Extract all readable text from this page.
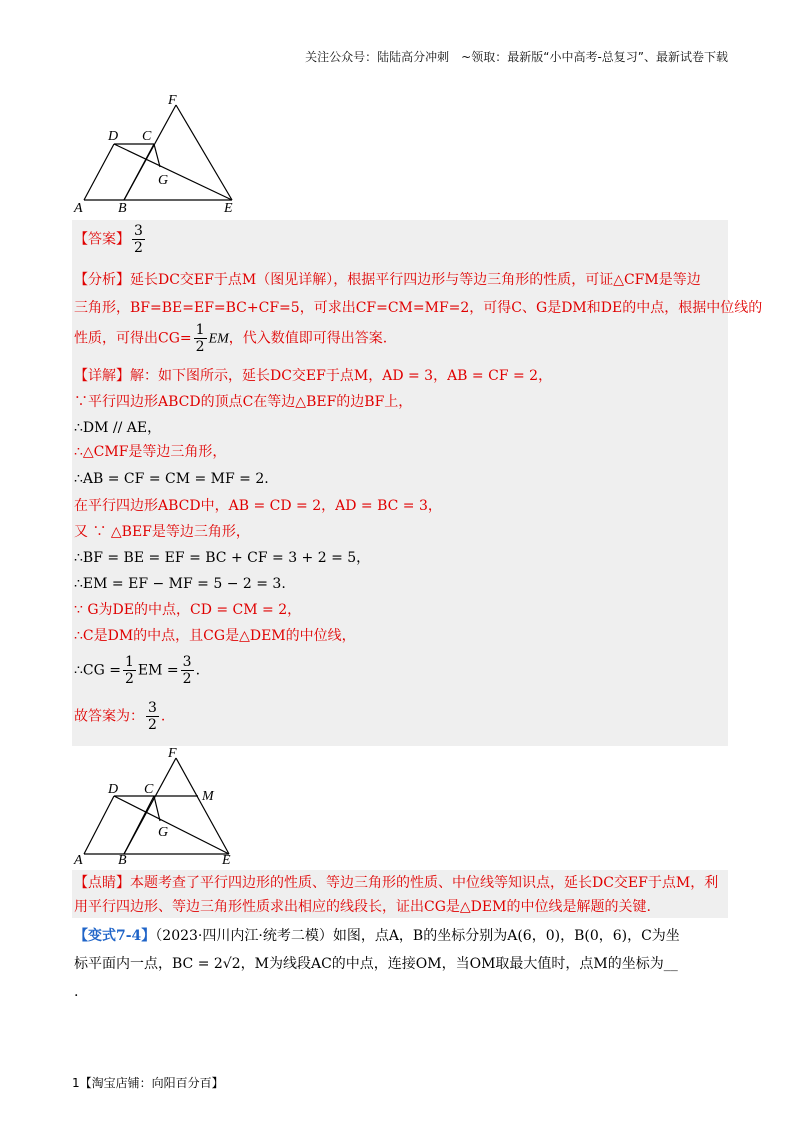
关注公众号：陆陆高分冲刺　~领取：最新版“小中高考-总复习”、最新试卷下载
F
D C
G
A	B	E
【答案】 $\frac{3}{2}$
【分析】延长DC交EF于点M（图见详解），根据平行四边形与等边三角形的性质，可证△CFM是等边
三角形，BF=BE=EF=BC+CF=5，可求出CF=CM=MF=2，可得C、G是DM和DE的中点，根据中位线的
性质，可得出$CG= \frac{1}{2}$ EM，代入数值即可得出答案.
【详解】解：如下图所示，延长DC交EF于点M，AD = 3，AB = CF = 2，
∵平行四边形ABCD的顶点C在等边△BEF的边BF上，
∴DM // AE，
∴△CMF是等边三角形，
∴AB = CF = CM = MF = 2.
在平行四边形ABCD中，AB = CD = 2，AD = BC = 3，
又 ∵ △BEF是等边三角形，
∴BF = BE = EF = BC + CF = 3 + 2 = 5，
∴EM = EF − MF = 5 − 2 = 3.
∵ G为DE的中点，CD = CM = 2，
∴C是DM的中点，且CG是△DEM的中位线，
∴CG = $\frac{1}{2}$ EM = $\frac{3}{2}$ .
故答案为： $\frac{3}{2}$ .
F
D C	M
G
A	B	E
【点睛】本题考查了平行四边形的性质、等边三角形的性质、中位线等知识点，延长DC交EF于点M，利
用平行四边形、等边三角形性质求出相应的线段长，证出CG是△DEM的中位线是解题的关键.
【变式7-4】（2023·四川内江·统考二模）如图，点A，B的坐标分别为A(6，0)，B(0，6)，C为坐
标平面内一点，BC = 2√2，M为线段AC的中点，连接OM，当OM取最大值时，点M的坐标为__
.
1【淘宝店铺：向阳百分百】
